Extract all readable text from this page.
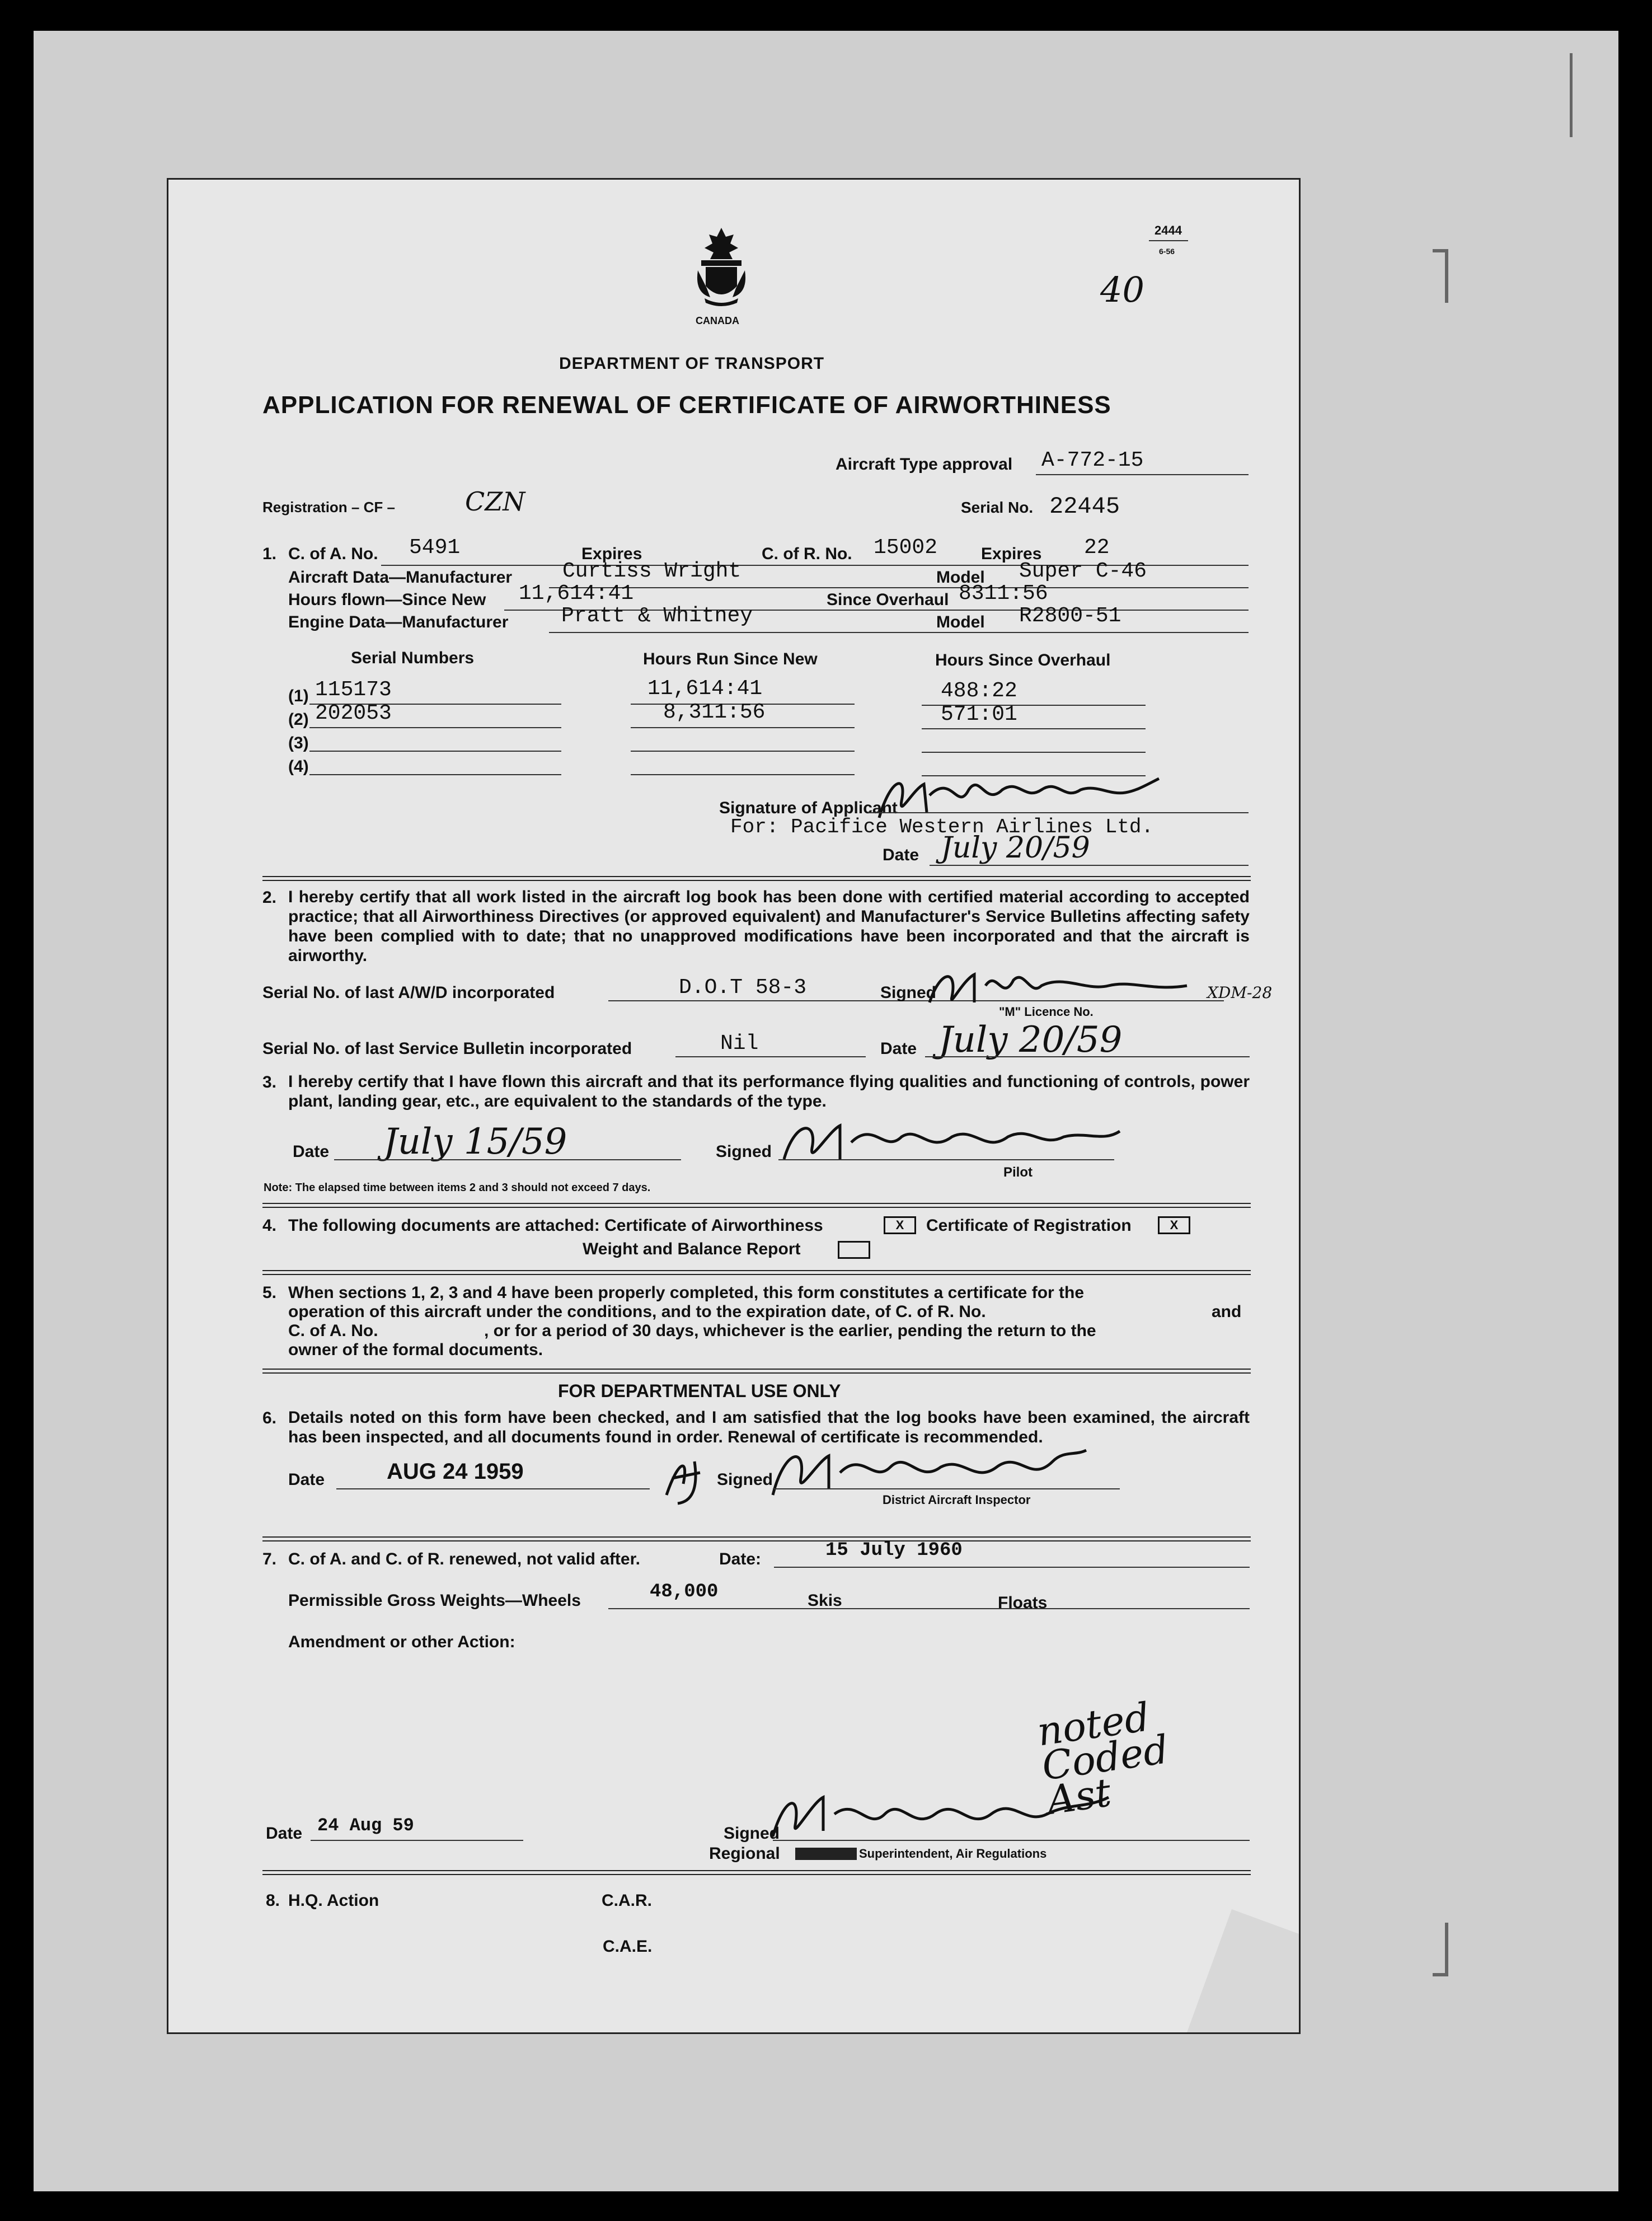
CANADA
DEPARTMENT OF TRANSPORT
APPLICATION FOR RENEWAL OF CERTIFICATE OF AIRWORTHINESS
2444
6-56
40
Aircraft Type approval A-772-15
Registration – CF –	CZN	Serial No. 22445
1. C. of A. No. 5491	Expires	C. of R. No. 15002	Expires 22
Aircraft Data—Manufacturer Curtiss Wright	Model Super C-46
Hours flown—Since New 11,614:41	Since Overhaul 8311:56
Engine Data—Manufacturer Pratt & Whitney	Model R2800-51
Serial Numbers	Hours Run Since New	Hours Since Overhaul
(1) 115173	11,614:41	488:22
(2) 202053	8,311:56	571:01
(3)
(4)
Signature of Applicant
For: Pacifice Western Airlines Ltd.
Date July 20/59
2. I hereby certify that all work listed in the aircraft log book has been done with certified material according to accepted practice; that all Airworthiness Directives (or approved equivalent) and Manufacturer's Service Bulletins affecting safety have been complied with to date; that no unapproved modifications have been incorporated and that the aircraft is airworthy.
Serial No. of last A/W/D incorporated	D.O.T 58-3	Signed	XDM-28
"M" Licence No.
Serial No. of last Service Bulletin incorporated	Nil	Date July 20/59
3. I hereby certify that I have flown this aircraft and that its performance flying qualities and functioning of controls, power plant, landing gear, etc., are equivalent to the standards of the type.
Date July 15/59	Signed
Pilot
Note: The elapsed time between items 2 and 3 should not exceed 7 days.
4. The following documents are attached: Certificate of Airworthiness	X	Certificate of Registration	X
Weight and Balance Report
5. When sections 1, 2, 3 and 4 have been properly completed, this form constitutes a certificate for the
operation of this aircraft under the conditions, and to the expiration date, of C. of R. No.	and
C. of A. No.	, or for a period of 30 days, whichever is the earlier, pending the return to the
owner of the formal documents.
FOR DEPARTMENTAL USE ONLY
6. Details noted on this form have been checked, and I am satisfied that the log books have been examined, the aircraft has been inspected, and all documents found in order. Renewal of certificate is recommended.
Date	AUG 24 1959	Signed
District Aircraft Inspector
7. C. of A. and C. of R. renewed, not valid after.	Date:	15 July 1960
Permissible Gross Weights—Wheels	48,000	Skis	Floats
Amendment or other Action:
noted Coded Ast
Date 24 Aug 59	Signed
Regional	Superintendent, Air Regulations
8. H.Q. Action	C.A.R.
C.A.E.
